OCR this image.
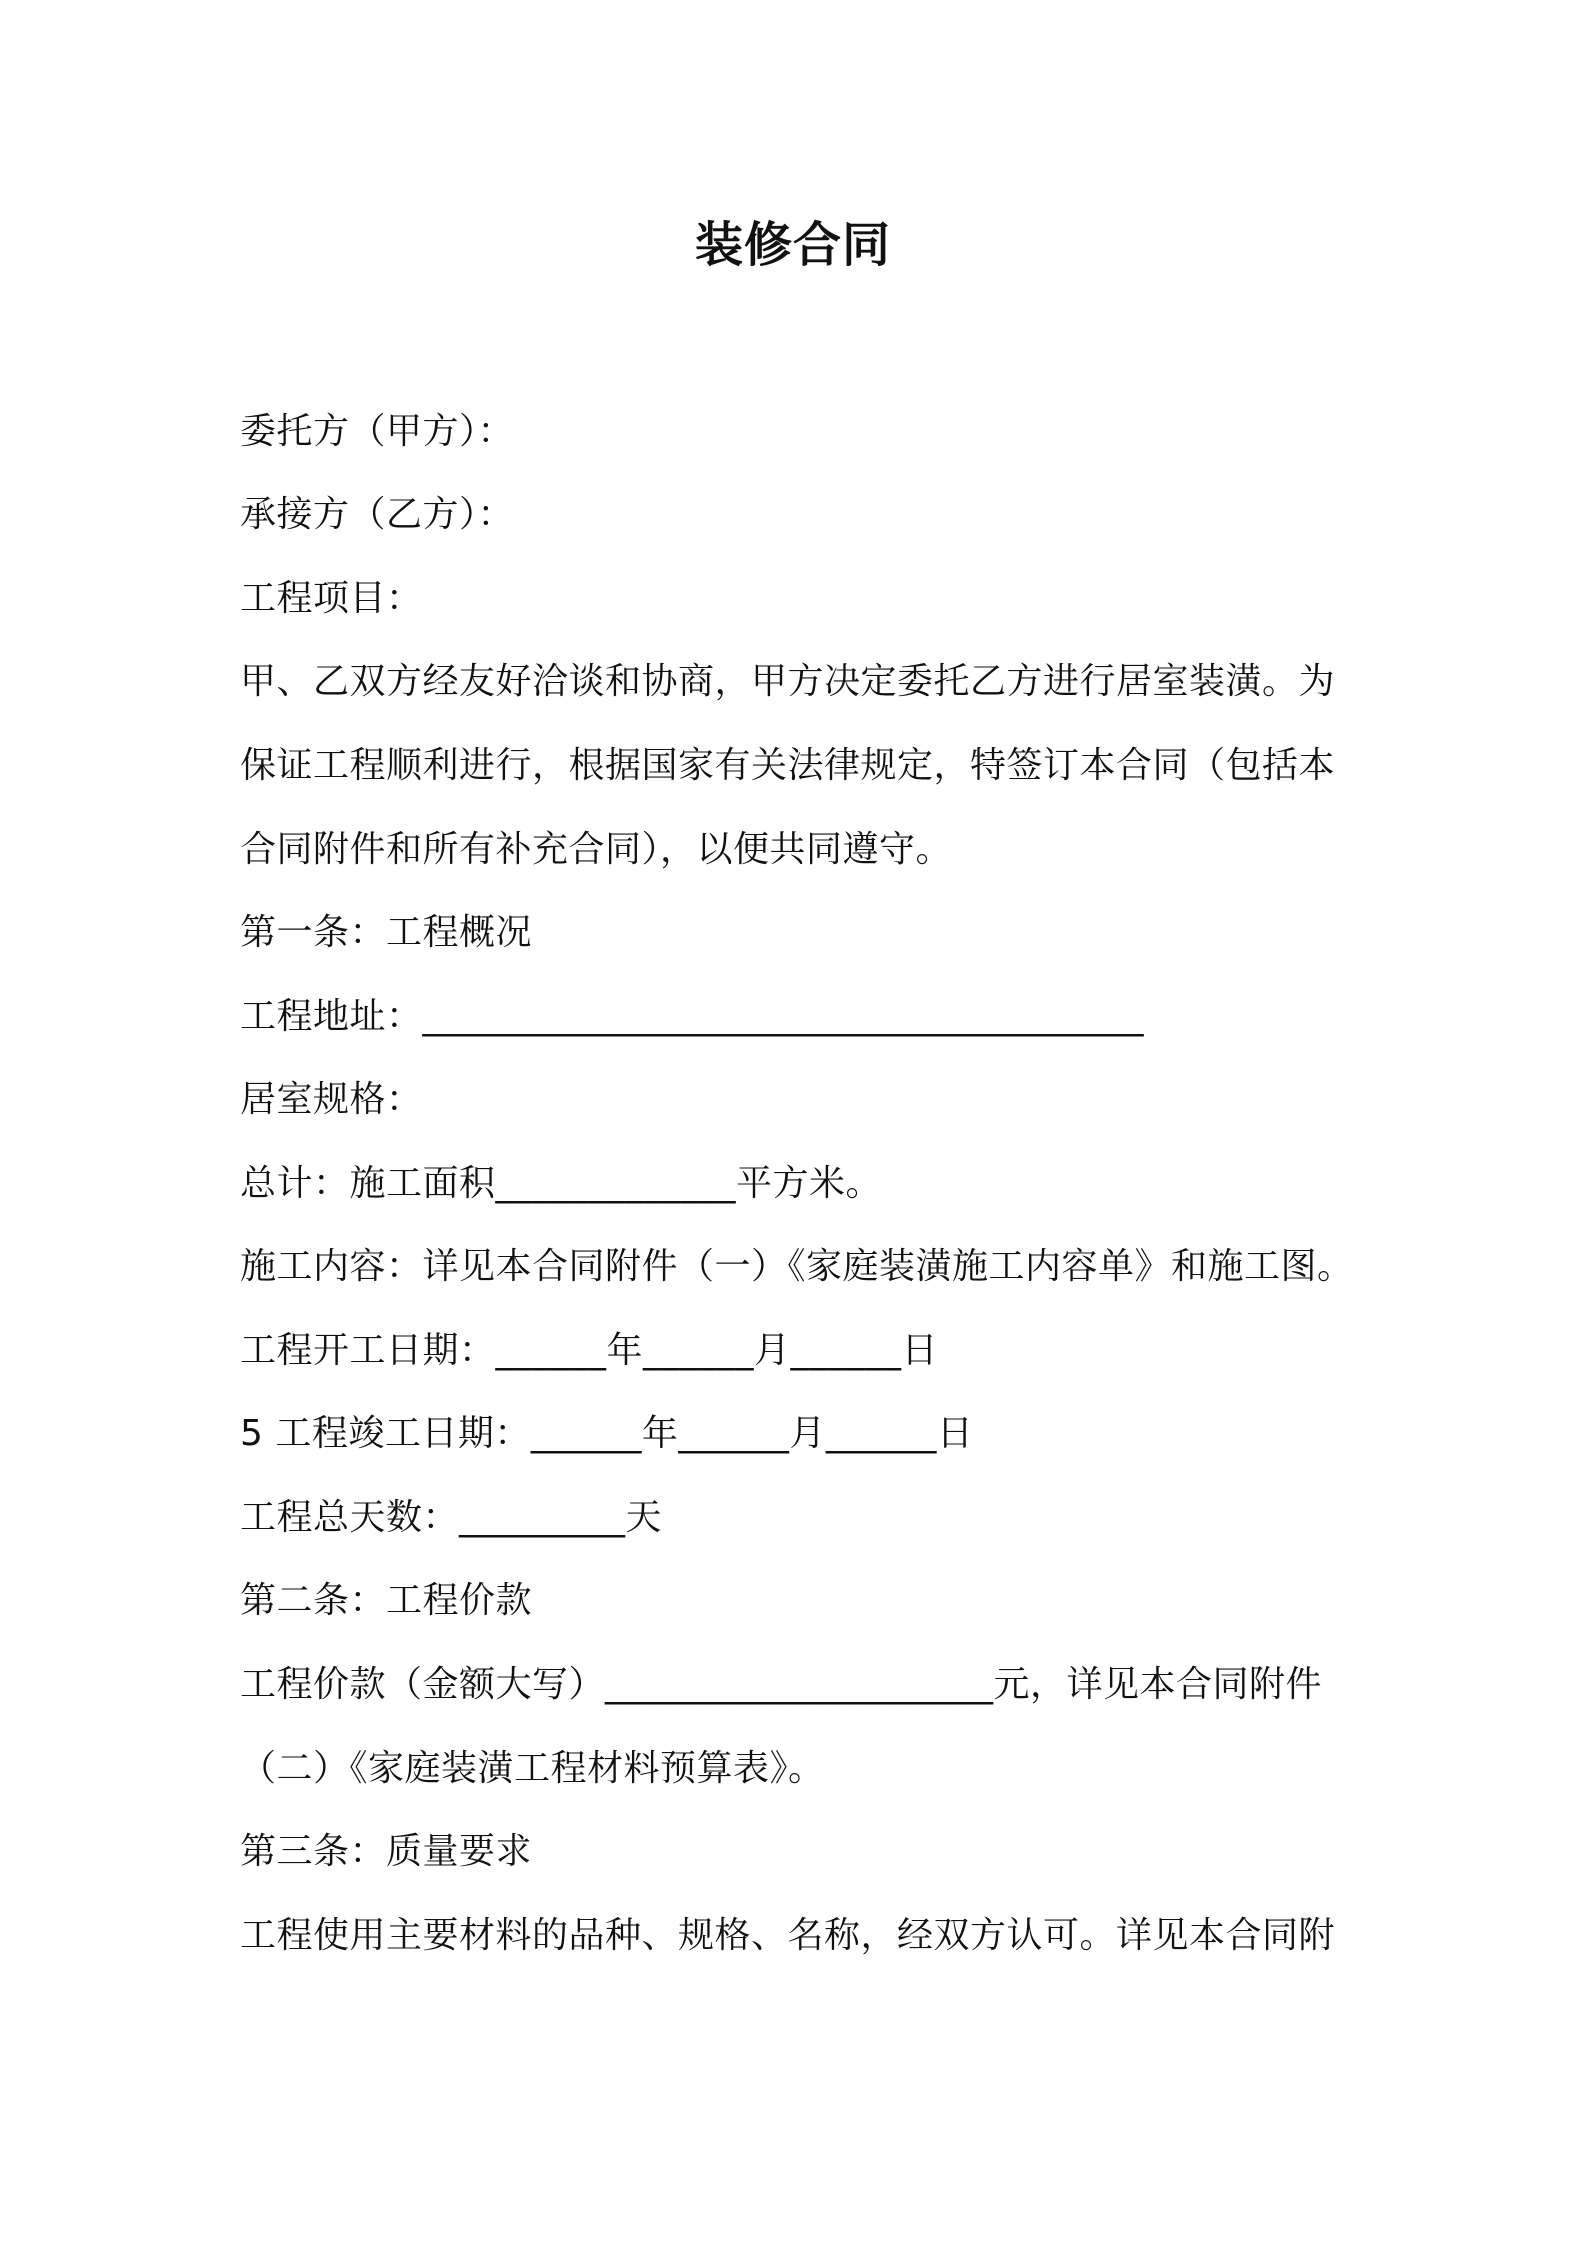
装修合同
委托方（甲方）：
承接方（乙方）：
工程项目：
甲、乙双方经友好洽谈和协商，甲方决定委托乙方进行居室装潢。为
保证工程顺利进行，根据国家有关法律规定，特签订本合同（包括本
合同附件和所有补充合同），以便共同遵守。
第一条：工程概况
工程地址：_______________________________________
居室规格：
总计：施工面积_____________平方米。
施工内容：详见本合同附件（一）《家庭装潢施工内容单》和施工图。
工程开工日期：______年______月______日
5 工程竣工日期：______年______月______日
工程总天数：_________天
第二条：工程价款
工程价款（金额大写）_____________________元，详见本合同附件
（二）《家庭装潢工程材料预算表》。
第三条：质量要求
工程使用主要材料的品种、规格、名称，经双方认可。详见本合同附
